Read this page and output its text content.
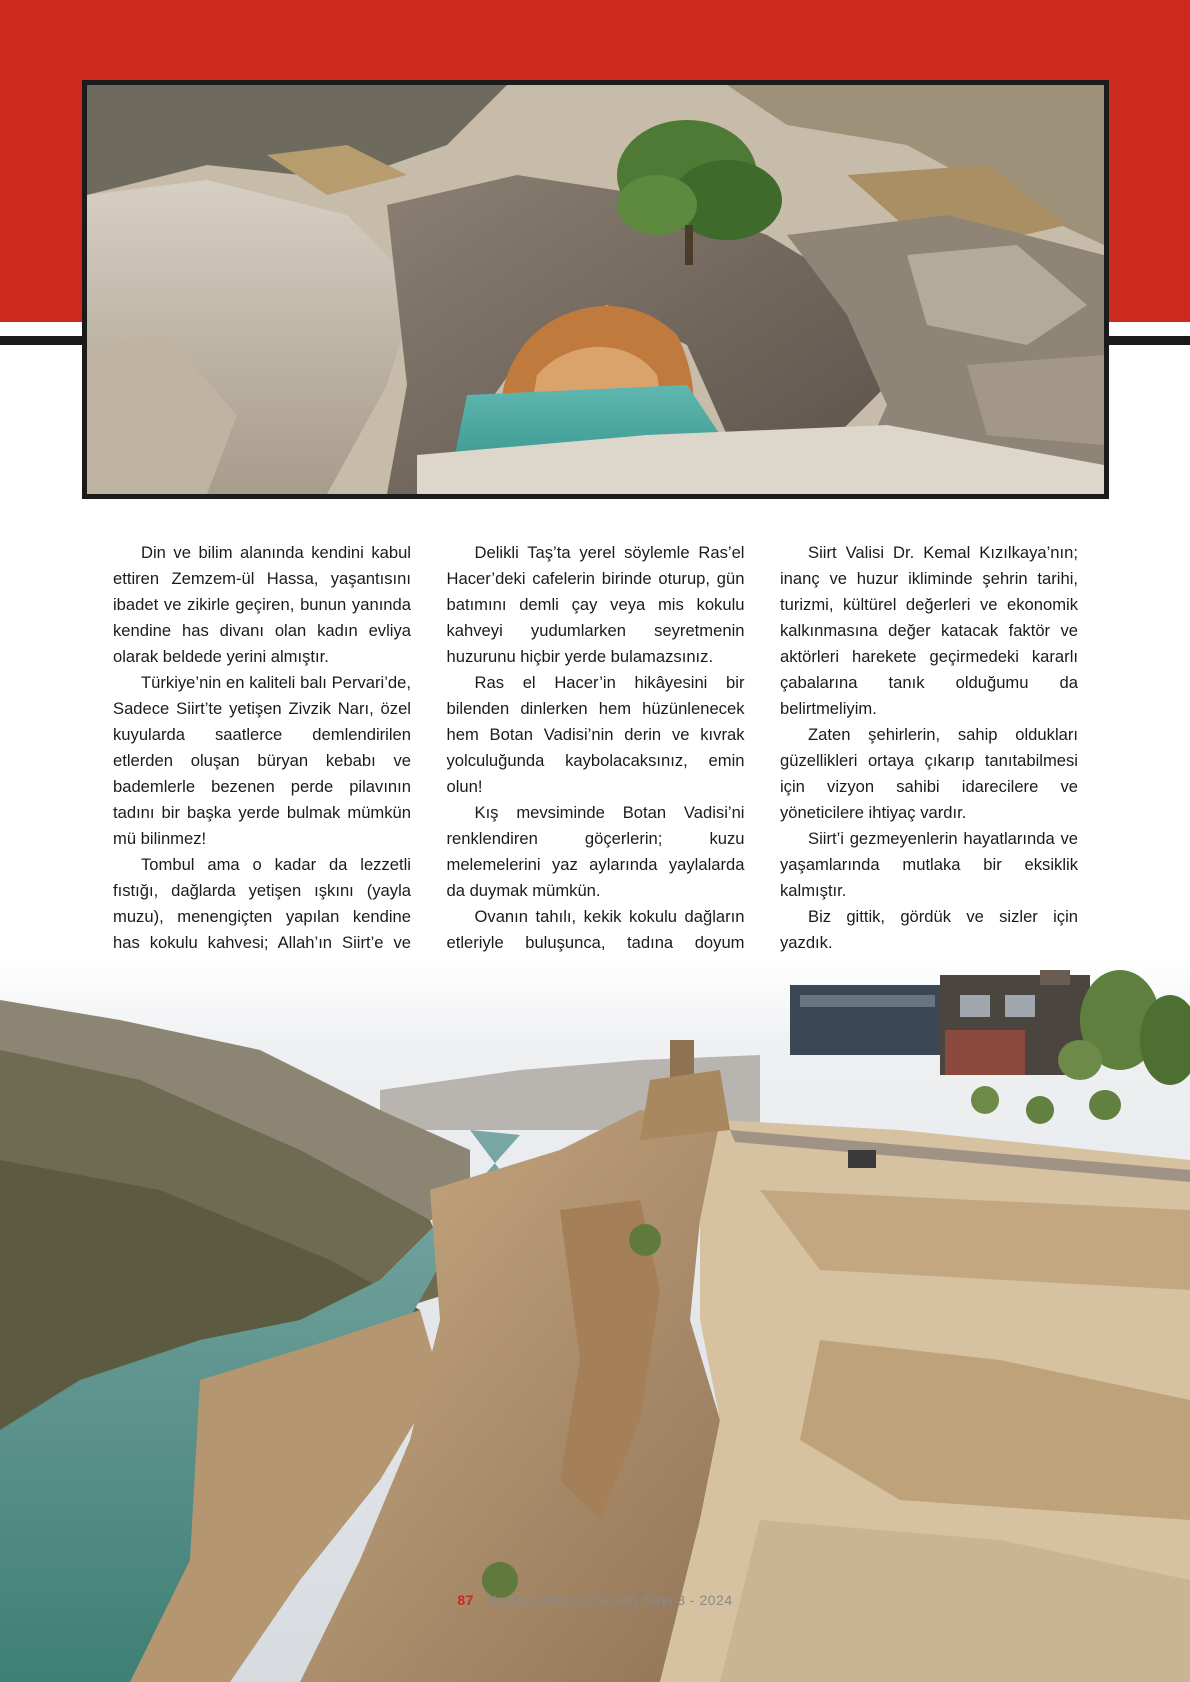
Din ve bilim alanında kendini kabul ettiren Zemzem-ül Hassa, yaşantısını ibadet ve zikirle geçiren, bunun yanında kendine has divanı olan kadın evliya olarak beldede yerini almıştır.

Türkiye’nin en kaliteli balı Pervari’de, Sadece Siirt’te yetişen Zivzik Narı, özel kuyularda saatlerce demlendirilen etlerden oluşan büryan kebabı ve bademlerle bezenen perde pilavının tadını bir başka yerde bulmak mümkün mü bilinmez!

Tombul ama o kadar da lezzetli fıstığı, dağlarda yetişen ışkını (yayla muzu), menengiçten yapılan kendine has kokulu kahvesi; Allah’ın Siirt’e ve

Delikli Taş’ta yerel söylemle Ras’el Hacer’deki cafelerin birinde oturup, gün batımını demli çay veya mis kokulu kahveyi yudumlarken seyretmenin huzurunu hiçbir yerde bulamazsınız.

Ras el Hacer’in hikâyesini bir bilenden dinlerken hem hüzünlenecek hem Botan Vadisi’nin derin ve kıvrak yolculuğunda kaybolacaksınız, emin olun!

Kış mevsiminde Botan Vadisi’ni renklendiren göçerlerin; kuzu melemelerini yaz aylarında yaylalarda da duymak mümkün.

Ovanın tahılı, kekik kokulu dağların etleriyle buluşunca, tadına doyum

Siirt Valisi Dr. Kemal Kızılkaya’nın; inanç ve huzur ikliminde şehrin tarihi, turizmi, kültürel değerleri ve ekonomik kalkınmasına değer katacak faktör ve aktörleri harekete geçirmedeki kararlı çabalarına tanık olduğumu da belirtmeliyim.

Zaten şehirlerin, sahip oldukları güzellikleri ortaya çıkarıp tanıtabilmesi için vizyon sahibi idarecilere ve yöneticilere ihtiyaç vardır.

Siirt’i gezmeyenlerin hayatlarında ve yaşamlarında mutlaka bir eksiklik kalmıştır.

Biz gittik, gördük ve sizler için yazdık.

87 - Kudraj Dergisi | Bülten Sayı 3 - 2024
